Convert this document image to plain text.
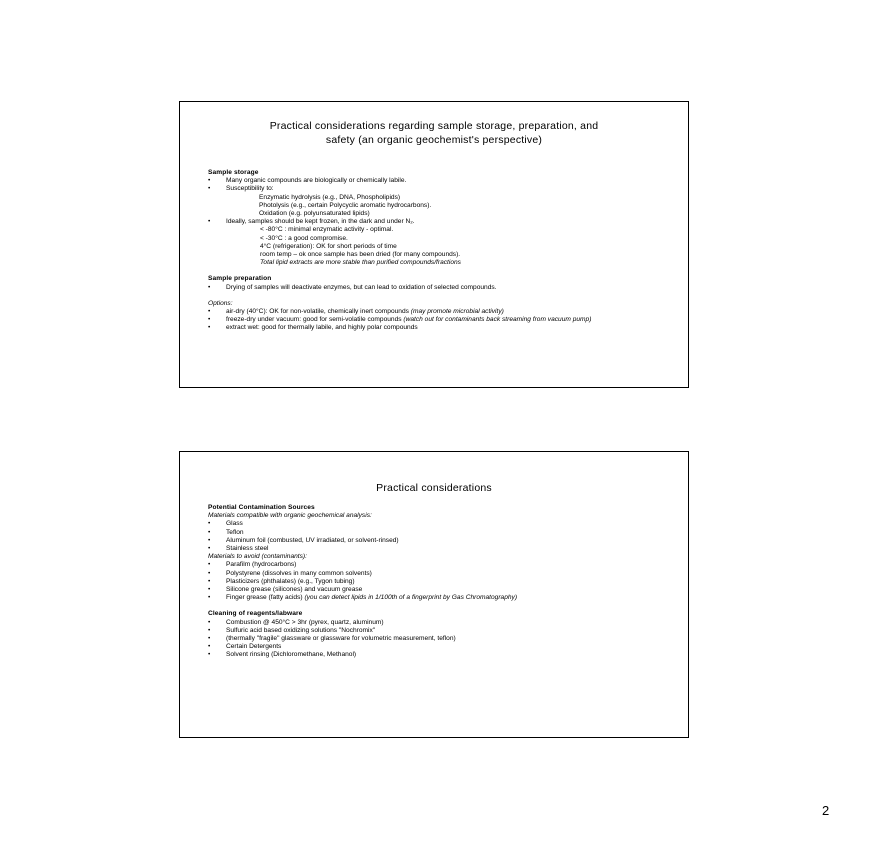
Practical considerations regarding sample storage, preparation, and
safety (an organic geochemist's perspective)
Sample storage
•	Many organic compounds are biologically or chemically labile.
•	Susceptibility to:
Enzymatic hydrolysis (e.g., DNA, Phospholipids)
Photolysis (e.g., certain Polycyclic aromatic hydrocarbons).
Oxidation (e.g. polyunsaturated lipids)
•	Ideally, samples should be kept frozen, in the dark and under N₂.
< -80°C : minimal enzymatic activity - optimal.
< -30°C : a good compromise.
4°C (refrigeration): OK for short periods of time
room temp – ok once sample has been dried (for many compounds).
Total lipid extracts are more stable than purified compounds/fractions
Sample preparation
•	Drying of samples will deactivate enzymes, but can lead to oxidation of selected compounds.
Options:
•	air-dry (40°C): OK for non-volatile, chemically inert compounds (may promote microbial activity)
•	freeze-dry under vacuum: good for semi-volatile compounds (watch out for contaminants back streaming from vacuum pump)
•	extract wet: good for thermally labile, and highly polar compounds
Practical considerations
Potential Contamination Sources
Materials compatible with organic geochemical analysis:
•	Glass
•	Teflon
•	Aluminum foil (combusted, UV irradiated, or solvent-rinsed)
•	Stainless steel
Materials to avoid (contaminants):
•	Parafilm (hydrocarbons)
•	Polystyrene (dissolves in many common solvents)
•	Plasticizers (phthalates) (e.g., Tygon tubing)
•	Silicone grease (silicones) and vacuum grease
•	Finger grease (fatty acids) (you can detect lipids in 1/100th of a fingerprint by Gas Chromatography)
Cleaning of reagents/labware
•	Combustion @ 450°C > 3hr (pyrex, quartz, aluminum)
•	Sulfuric acid based oxidizing solutions "Nochromix"
•	(thermally "fragile" glassware or glassware for volumetric measurement, teflon)
•	Certain Detergents
•	Solvent rinsing (Dichloromethane, Methanol)
2
